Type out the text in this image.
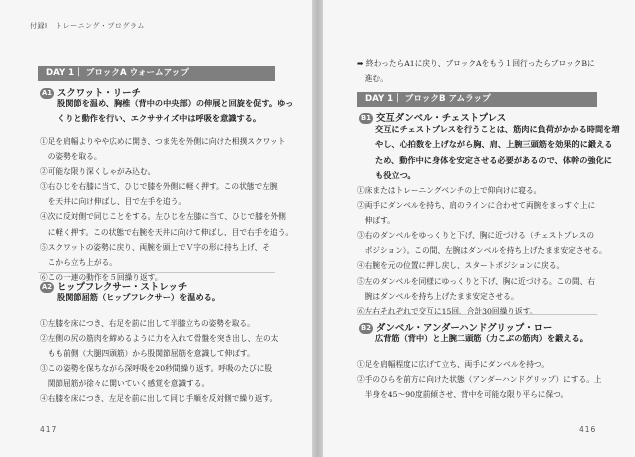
付録Ⅰ　トレーニング・プログラム
DAY 1｜ ブロックA ウォームアップ
A1 スクワット・リーチ
股関節を温め、胸椎（背中の中央部）の伸展と回旋を促す。ゆっ
くりと動作を行い、エクササイズ中は呼吸を意識する。
①足を肩幅よりやや広めに開き、つま先を外側に向けた相撲スクワット
　の姿勢を取る。
②可能な限り深くしゃがみ込む。
③右ひじを右膝に当て、ひじで膝を外側に軽く押す。この状態で左腕
　を天井に向け伸ばし、目で左手を追う。
④次に反対側で同じことをする。左ひじを左膝に当て、ひじで膝を外側
　に軽く押す。この状態で右腕を天井に向けて伸ばし、目で右手を追う。
⑤スクワットの姿勢に戻り、両腕を頭上でＶ字の形に持ち上げ、そ
　こから立ち上がる。
⑥この一連の動作を５回繰り返す。
A2 ヒップフレクサー・ストレッチ
股関節屈筋（ヒップフレクサー）を温める。
①左膝を床につき、右足を前に出して半膝立ちの姿勢を取る。
②左側の尻の筋肉を締めるように力を入れて骨盤を突き出し、左の太
　もも前側（大腿四頭筋）から股関節屈筋を意識して伸ばす。
③この姿勢を保ちながら深呼吸を20秒間繰り返す。呼吸のたびに股
　関節屈筋が徐々に開いていく感覚を意識する。
④右膝を床につき、左足を前に出して同じ手順を反対側で繰り返す。
417
➡ 終わったらA1に戻り、ブロックAをもう１回行ったらブロックBに
　進む。
DAY 1｜ ブロックB アムラップ
B1 交互ダンベル・チェストプレス
交互にチェストプレスを行うことは、筋肉に負荷がかかる時間を増
やし、心拍数を上げながら胸、肩、上腕三頭筋を効果的に鍛える
ため、動作中に身体を安定させる必要があるので、体幹の強化に
も役立つ。
①床またはトレーニングベンチの上で仰向けに寝る。
②両手にダンベルを持ち、肩のラインに合わせて両腕をまっすぐ上に
　伸ばす。
③右のダンベルをゆっくりと下げ、胸に近づける（チェストプレスの
　ポジション）。この間、左腕はダンベルを持ち上げたまま安定させる。
④右腕を元の位置に押し戻し、スタートポジションに戻る。
⑤左のダンベルを同様にゆっくりと下げ、胸に近づける。この間、右
　腕はダンベルを持ち上げたまま安定させる。
⑥左右それぞれで交互に15回、合計30回繰り返す。
B2 ダンベル・アンダーハンドグリップ・ロー
広背筋（背中）と上腕二頭筋（力こぶの筋肉）を鍛える。
①足を肩幅程度に広げて立ち、両手にダンベルを持つ。
②手のひらを前方に向けた状態（アンダーハンドグリップ）にする。上
　半身を45～90度前傾させ、背中を可能な限り平らに保つ。
416
